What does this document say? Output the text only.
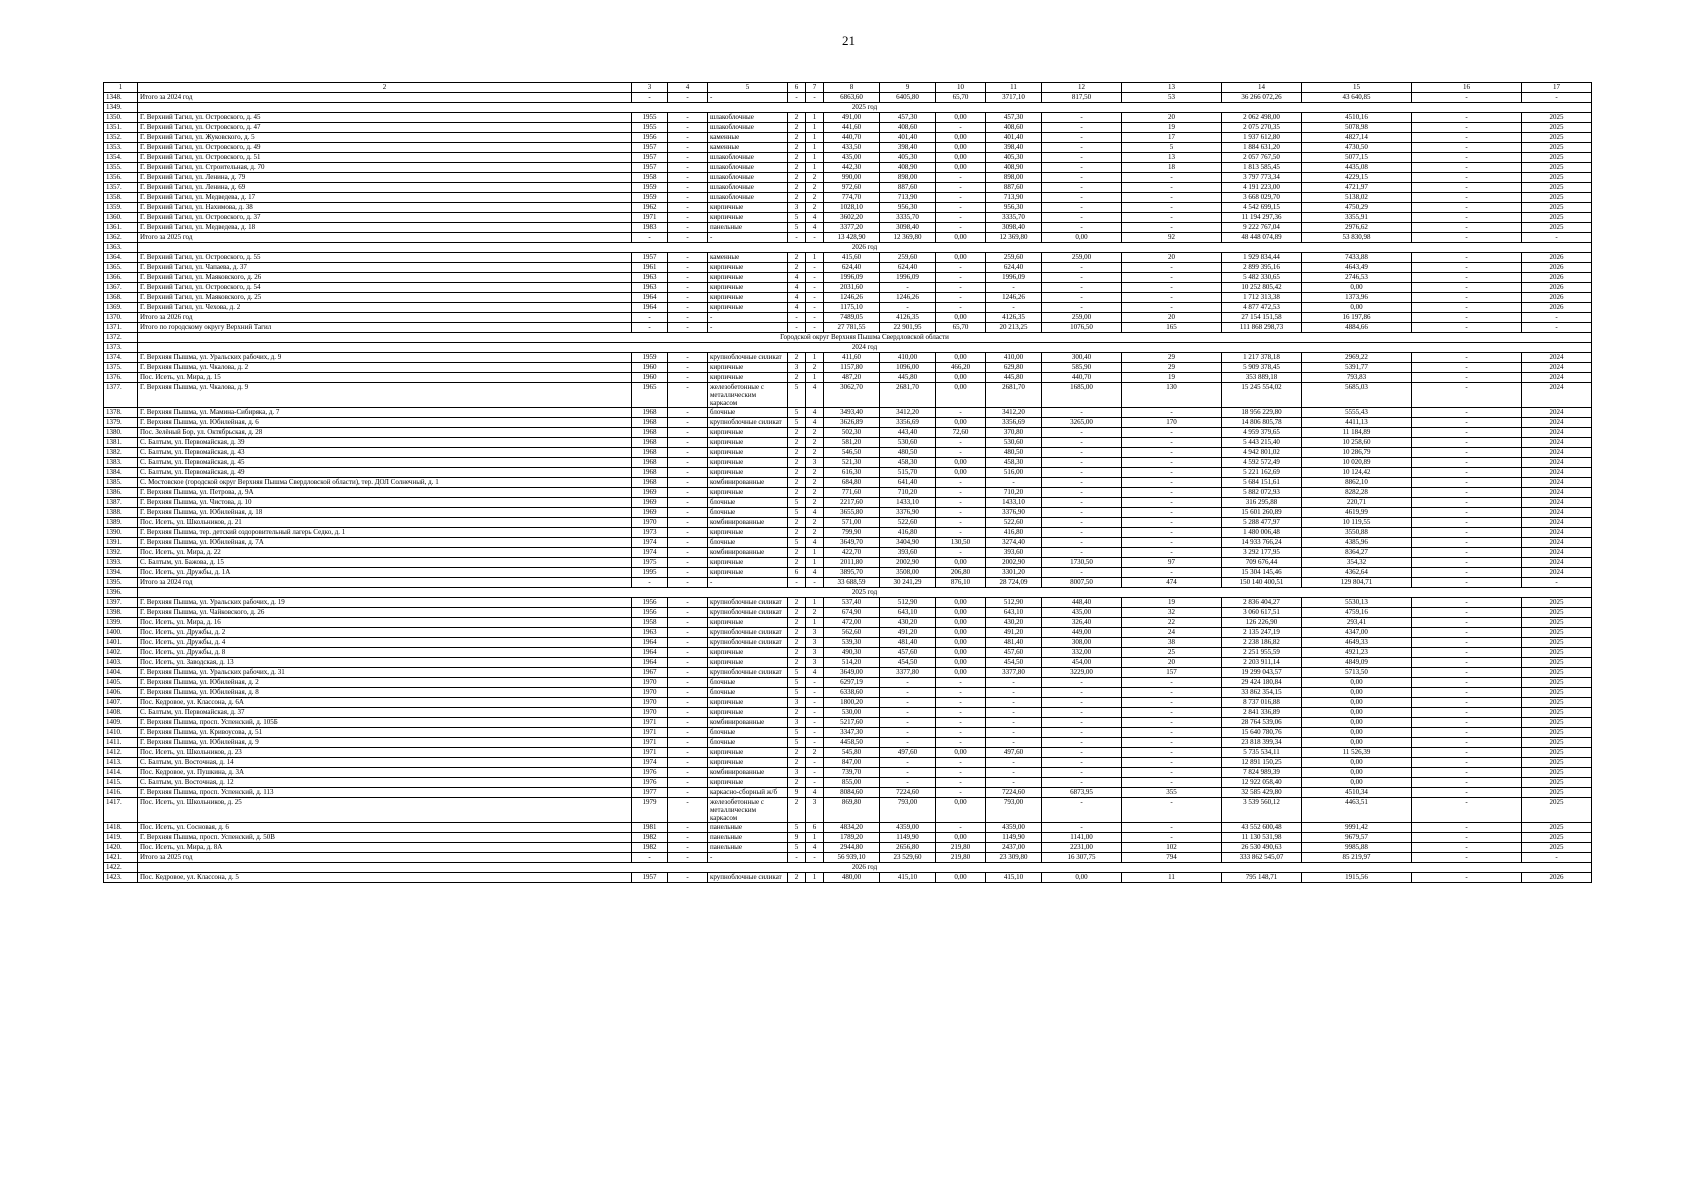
21
1	2	3	4	5	6	7	8	9	10	11	12	13	14	15	16	17
1348.	Итого за 2024 год	-	-	-	-	-	6863,60	6405,80	65,70	3717,10	817,50	53	36 266 072,26	43 640,85	-	-
1349.	2025 год															
1350.	Г. Верхний Тагил, ул. Островского, д. 45	1955	-	шлакоблочные	2	1	491,00	457,30	0,00	457,30	-	20	2 062 498,00	4510,16	-	2025
1351.	Г. Верхний Тагил, ул. Островского, д. 47	1955	-	шлакоблочные	2	1	441,60	408,60	-	408,60	-	19	2 075 270,35	5078,98	-	2025
1352.	Г. Верхний Тагил, ул. Жуковского, д. 5	1956	-	каменные	2	1	440,70	401,40	0,00	401,40	-	17	1 937 612,80	4827,14	-	2025
1353.	Г. Верхний Тагил, ул. Островского, д. 49	1957	-	каменные	2	1	433,50	398,40	0,00	398,40	-	5	1 884 631,20	4730,50	-	2025
1354.	Г. Верхний Тагил, ул. Островского, д. 51	1957	-	шлакоблочные	2	1	435,00	405,30	0,00	405,30	-	13	2 057 767,50	5077,15	-	2025
1355.	Г. Верхний Тагил, ул. Строительная, д. 70	1957	-	шлакоблочные	2	1	442,30	408,90	0,00	408,90	-	18	1 813 585,45	4435,08	-	2025
1356.	Г. Верхний Тагил, ул. Ленина, д. 79	1958	-	шлакоблочные	2	2	990,00	898,00	-	898,00	-	-	3 797 773,34	4229,15	-	2025
1357.	Г. Верхний Тагил, ул. Ленина, д. 69	1959	-	шлакоблочные	2	2	972,60	887,60	-	887,60	-	-	4 191 223,00	4721,97	-	2025
1358.	Г. Верхний Тагил, ул. Медведева, д. 17	1959	-	шлакоблочные	2	2	774,70	713,90	-	713,90	-	-	3 668 029,70	5138,02	-	2025
1359.	Г. Верхний Тагил, ул. Нахимова, д. 38	1962	-	кирпичные	3	2	1028,10	956,30	-	956,30	-	-	4 542 699,15	4750,29	-	2025
1360.	Г. Верхний Тагил, ул. Островского, д. 37	1971	-	кирпичные	5	4	3602,20	3335,70	-	3335,70	-	-	11 194 297,36	3355,91	-	2025
1361.	Г. Верхний Тагил, ул. Медведева, д. 18	1983	-	панельные	5	4	3377,20	3098,40	-	3098,40	-	-	9 222 767,04	2976,62	-	2025
1362.	Итого за 2025 год	-	-	-	-	-	13 428,90	12 369,80	0,00	12 369,80	0,00	92	48 448 074,89	53 830,98	-	-
1363.	2026 год															
1364.	Г. Верхний Тагил, ул. Островского, д. 55	1957	-	каменные	2	1	415,60	259,60	0,00	259,60	259,00	20	1 929 834,44	7433,88	-	2026
1365.	Г. Верхний Тагил, ул. Чапаева, д. 37	1961	-	кирпичные	2	-	624,40	624,40	-	624,40	-	-	2 899 395,16	4643,49	-	2026
1366.	Г. Верхний Тагил, ул. Маяковского, д. 26	1963	-	кирпичные	4	-	1996,09	1996,09	-	1996,09	-	-	5 482 330,65	2746,53	-	2026
1367.	Г. Верхний Тагил, ул. Островского, д. 54	1963	-	кирпичные	4	-	2031,60	-	-	-	-	-	10 252 805,42	0,00	-	2026
1368.	Г. Верхний Тагил, ул. Маяковского, д. 25	1964	-	кирпичные	4	-	1246,26	1246,26	-	1246,26	-	-	1 712 313,38	1373,96	-	2026
1369.	Г. Верхний Тагил, ул. Чехова, д. 2	1964	-	кирпичные	4	-	1175,10	-	-	-	-	-	4 877 472,53	0,00	-	2026
1370.	Итого за 2026 год	-	-	-	-	-	7489,05	4126,35	0,00	4126,35	259,00	20	27 154 151,58	16 197,86	-	-
1371.	Итого по городскому округу Верхний Тагил	-	-	-	-	-	27 781,55	22 901,95	65,70	20 213,25	1076,50	165	111 868 298,73	4884,66	-	-
1372.	Городской округ Верхняя Пышма Свердловской области															
1373.	2024 год															
1374.	Г. Верхняя Пышма, ул. Уральских рабочих, д. 9	1959	-	крупноблочные силикат	2	1	411,60	410,00	0,00	410,00	300,40	29	1 217 378,18	2969,22	-	2024
1375.	Г. Верхняя Пышма, ул. Чкалова, д. 2	1960	-	кирпичные	3	2	1157,80	1096,00	466,20	629,80	585,90	29	5 909 378,45	5391,77	-	2024
1376.	Пос. Исеть, ул. Мира, д. 15	1960	-	кирпичные	2	1	487,20	445,80	0,00	445,80	440,70	19	353 889,18	793,83	-	2024
1377.	Г. Верхняя Пышма, ул. Чкалова, д. 9	1965	-	железобетонные с металлическим каркасом	5	4	3062,70	2681,70	0,00	2681,70	1685,00	130	15 245 554,02	5685,03	-	2024
1378.	Г. Верхняя Пышма, ул. Мамина-Сибиряка, д. 7	1968	-	блочные	5	4	3493,40	3412,20	-	3412,20	-	-	18 956 229,80	5555,43	-	2024
1379.	Г. Верхняя Пышма, ул. Юбилейная, д. 6	1968	-	крупноблочные силикат	5	4	3626,89	3356,69	0,00	3356,69	3265,00	170	14 806 805,78	4411,13	-	2024
1380.	Пос. Зелёный Бор, ул. Октябрьская, д. 28	1968	-	кирпичные	2	2	502,30	443,40	72,60	370,80	-	-	4 959 379,65	11 184,89	-	2024
1381.	С. Балтым, ул. Первомайская, д. 39	1968	-	кирпичные	2	2	581,20	530,60	-	530,60	-	-	5 443 215,40	10 258,60	-	2024
1382.	С. Балтым, ул. Первомайская, д. 43	1968	-	кирпичные	2	2	546,50	480,50	-	480,50	-	-	4 942 801,02	10 286,79	-	2024
1383.	С. Балтым, ул. Первомайская, д. 45	1968	-	кирпичные	2	3	521,30	458,30	0,00	458,30	-	-	4 592 572,49	10 020,89	-	2024
1384.	С. Балтым, ул. Первомайская, д. 49	1968	-	кирпичные	2	2	616,30	515,70	0,00	516,00	-	-	5 221 162,69	10 124,42	-	2024
1385.	С. Мостовское (городской округ Верхняя Пышма Свердловской области), тер. ДОЛ Солнечный, д. 1	1968	-	комбинированные	2	2	684,80	641,40	-	-	-	-	5 684 151,61	8862,10	-	2024
1386.	Г. Верхняя Пышма, ул. Петрова, д. 9А	1969	-	кирпичные	2	2	771,60	710,20	-	710,20	-	-	5 882 072,93	8282,28	-	2024
1387.	Г. Верхняя Пышма, ул. Чистова, д. 10	1969	-	блочные	5	2	2217,60	1433,10	-	1433,10	-	-	316 295,88	220,71	-	2024
1388.	Г. Верхняя Пышма, ул. Юбилейная, д. 18	1969	-	блочные	5	4	3655,80	3376,90	-	3376,90	-	-	15 601 260,89	4619,99	-	2024
1389.	Пос. Исеть, ул. Школьников, д. 21	1970	-	комбинированные	2	2	571,00	522,60	-	522,60	-	-	5 288 477,97	10 119,55	-	2024
1390.	Г. Верхняя Пышма, тер. детский оздоровительный лагерь Седко, д. 1	1973	-	кирпичные	2	2	799,90	416,80	-	416,80	-	-	1 480 006,48	3550,88	-	2024
1391.	Г. Верхняя Пышма, ул. Юбилейная, д. 7А	1974	-	блочные	5	4	3649,70	3404,90	130,50	3274,40	-	-	14 933 766,24	4385,96	-	2024
1392.	Пос. Исеть, ул. Мира, д. 22	1974	-	комбинированные	2	1	422,70	393,60	-	393,60	-	-	3 292 177,95	8364,27	-	2024
1393.	С. Балтым, ул. Бажова, д. 15	1975	-	кирпичные	2	1	2011,80	2002,90	0,00	2002,90	1730,50	97	709 676,44	354,32	-	2024
1394.	Пос. Исеть, ул. Дружбы, д. 1А	1995	-	кирпичные	6	4	3895,70	3508,00	206,80	3301,20	-	-	15 304 145,46	4362,64	-	2024
1395.	Итого за 2024 год	-	-	-	-	-	33 688,59	30 241,29	876,10	28 724,09	8007,50	474	150 140 400,51	129 804,71	-	-
1396.	2025 год															
1397.	Г. Верхняя Пышма, ул. Уральских рабочих, д. 19	1956	-	крупноблочные силикат	2	1	537,40	512,90	0,00	512,90	448,40	19	2 836 404,27	5530,13	-	2025
1398.	Г. Верхняя Пышма, ул. Чайковского, д. 26	1956	-	крупноблочные силикат	2	2	674,90	643,10	0,00	643,10	435,00	32	3 060 617,51	4759,16	-	2025
1399.	Пос. Исеть, ул. Мира, д. 16	1958	-	кирпичные	2	1	472,00	430,20	0,00	430,20	326,40	22	126 226,90	293,41	-	2025
1400.	Пос. Исеть, ул. Дружбы, д. 2	1963	-	крупноблочные силикат	2	3	562,60	491,20	0,00	491,20	449,00	24	2 135 247,19	4347,00	-	2025
1401.	Пос. Исеть, ул. Дружбы, д. 4	1964	-	крупноблочные силикат	2	3	539,30	481,40	0,00	481,40	308,00	38	2 238 186,82	4649,33	-	2025
1402.	Пос. Исеть, ул. Дружбы, д. 8	1964	-	кирпичные	2	3	490,30	457,60	0,00	457,60	332,00	25	2 251 955,59	4921,23	-	2025
1403.	Пос. Исеть, ул. Заводская, д. 13	1964	-	кирпичные	2	3	514,20	454,50	0,00	454,50	454,00	20	2 203 911,14	4849,09	-	2025
1404.	Г. Верхняя Пышма, ул. Уральских рабочих, д. 31	1967	-	крупноблочные силикат	5	4	3649,00	3377,80	0,00	3377,80	3229,00	157	19 299 043,57	5713,50	-	2025
1405.	Г. Верхняя Пышма, ул. Юбилейная, д. 2	1970	-	блочные	5	-	6297,19	-	-	-	-	-	29 424 180,84	0,00	-	2025
1406.	Г. Верхняя Пышма, ул. Юбилейная, д. 8	1970	-	блочные	5	-	6338,60	-	-	-	-	-	33 862 354,15	0,00	-	2025
1407.	Пос. Кедровое, ул. Классона, д. 6А	1970	-	кирпичные	3	-	1800,20	-	-	-	-	-	8 737 016,88	0,00	-	2025
1408.	С. Балтым, ул. Первомайская, д. 37	1970	-	кирпичные	2	-	530,00	-	-	-	-	-	2 841 336,89	0,00	-	2025
1409.	Г. Верхняя Пышма, просп. Успенский, д. 105Б	1971	-	комбинированные	3	-	5217,60	-	-	-	-	-	28 764 539,06	0,00	-	2025
1410.	Г. Верхняя Пышма, ул. Кривоусова, д. 51	1971	-	блочные	5	-	3347,30	-	-	-	-	-	15 640 780,76	0,00	-	2025
1411.	Г. Верхняя Пышма, ул. Юбилейная, д. 9	1971	-	блочные	5	-	4458,50	-	-	-	-	-	23 818 399,34	0,00	-	2025
1412.	Пос. Исеть, ул. Школьников, д. 23	1971	-	кирпичные	2	2	545,80	497,60	0,00	497,60	-	-	5 735 534,11	11 526,39	-	2025
1413.	С. Балтым, ул. Восточная, д. 14	1974	-	кирпичные	2	-	847,00	-	-	-	-	-	12 891 150,25	0,00	-	2025
1414.	Пос. Кедровое, ул. Пушкина, д. 3А	1976	-	комбинированные	3	-	739,70	-	-	-	-	-	7 824 989,39	0,00	-	2025
1415.	С. Балтым, ул. Восточная, д. 12	1976	-	кирпичные	2	-	855,00	-	-	-	-	-	12 922 058,40	0,00	-	2025
1416.	Г. Верхняя Пышма, просп. Успенский, д. 113	1977	-	каркасно-сборный ж/б	9	4	8084,60	7224,60	-	7224,60	6873,95	355	32 585 429,80	4510,34	-	2025
1417.	Пос. Исеть, ул. Школьников, д. 25	1979	-	железобетонные с металлическим каркасом	2	3	869,80	793,00	0,00	793,00	-	-	3 539 560,12	4463,51	-	2025
1418.	Пос. Исеть, ул. Сосновая, д. 6	1981	-	панельные	5	6	4834,20	4359,00	-	4359,00	-	-	43 552 600,48	9991,42	-	2025
1419.	Г. Верхняя Пышма, просп. Успенский, д. 50В	1982	-	панельные	9	1	1789,20	1149,90	0,00	1149,90	1141,00	-	11 130 531,98	9679,57	-	2025
1420.	Пос. Исеть, ул. Мира, д. 8А	1982	-	панельные	5	4	2944,80	2656,80	219,80	2437,00	2231,00	102	26 530 490,63	9985,88	-	2025
1421.	Итого за 2025 год	-	-	-	-	-	56 939,10	23 529,60	219,80	23 309,80	16 307,75	794	333 862 545,07	85 219,97	-	-
1422.	2026 год															
1423.	Пос. Кедровое, ул. Классона, д. 5	1957	-	крупноблочные силикат	2	1	480,00	415,10	0,00	415,10	0,00	11	795 148,71	1915,56	-	2026
